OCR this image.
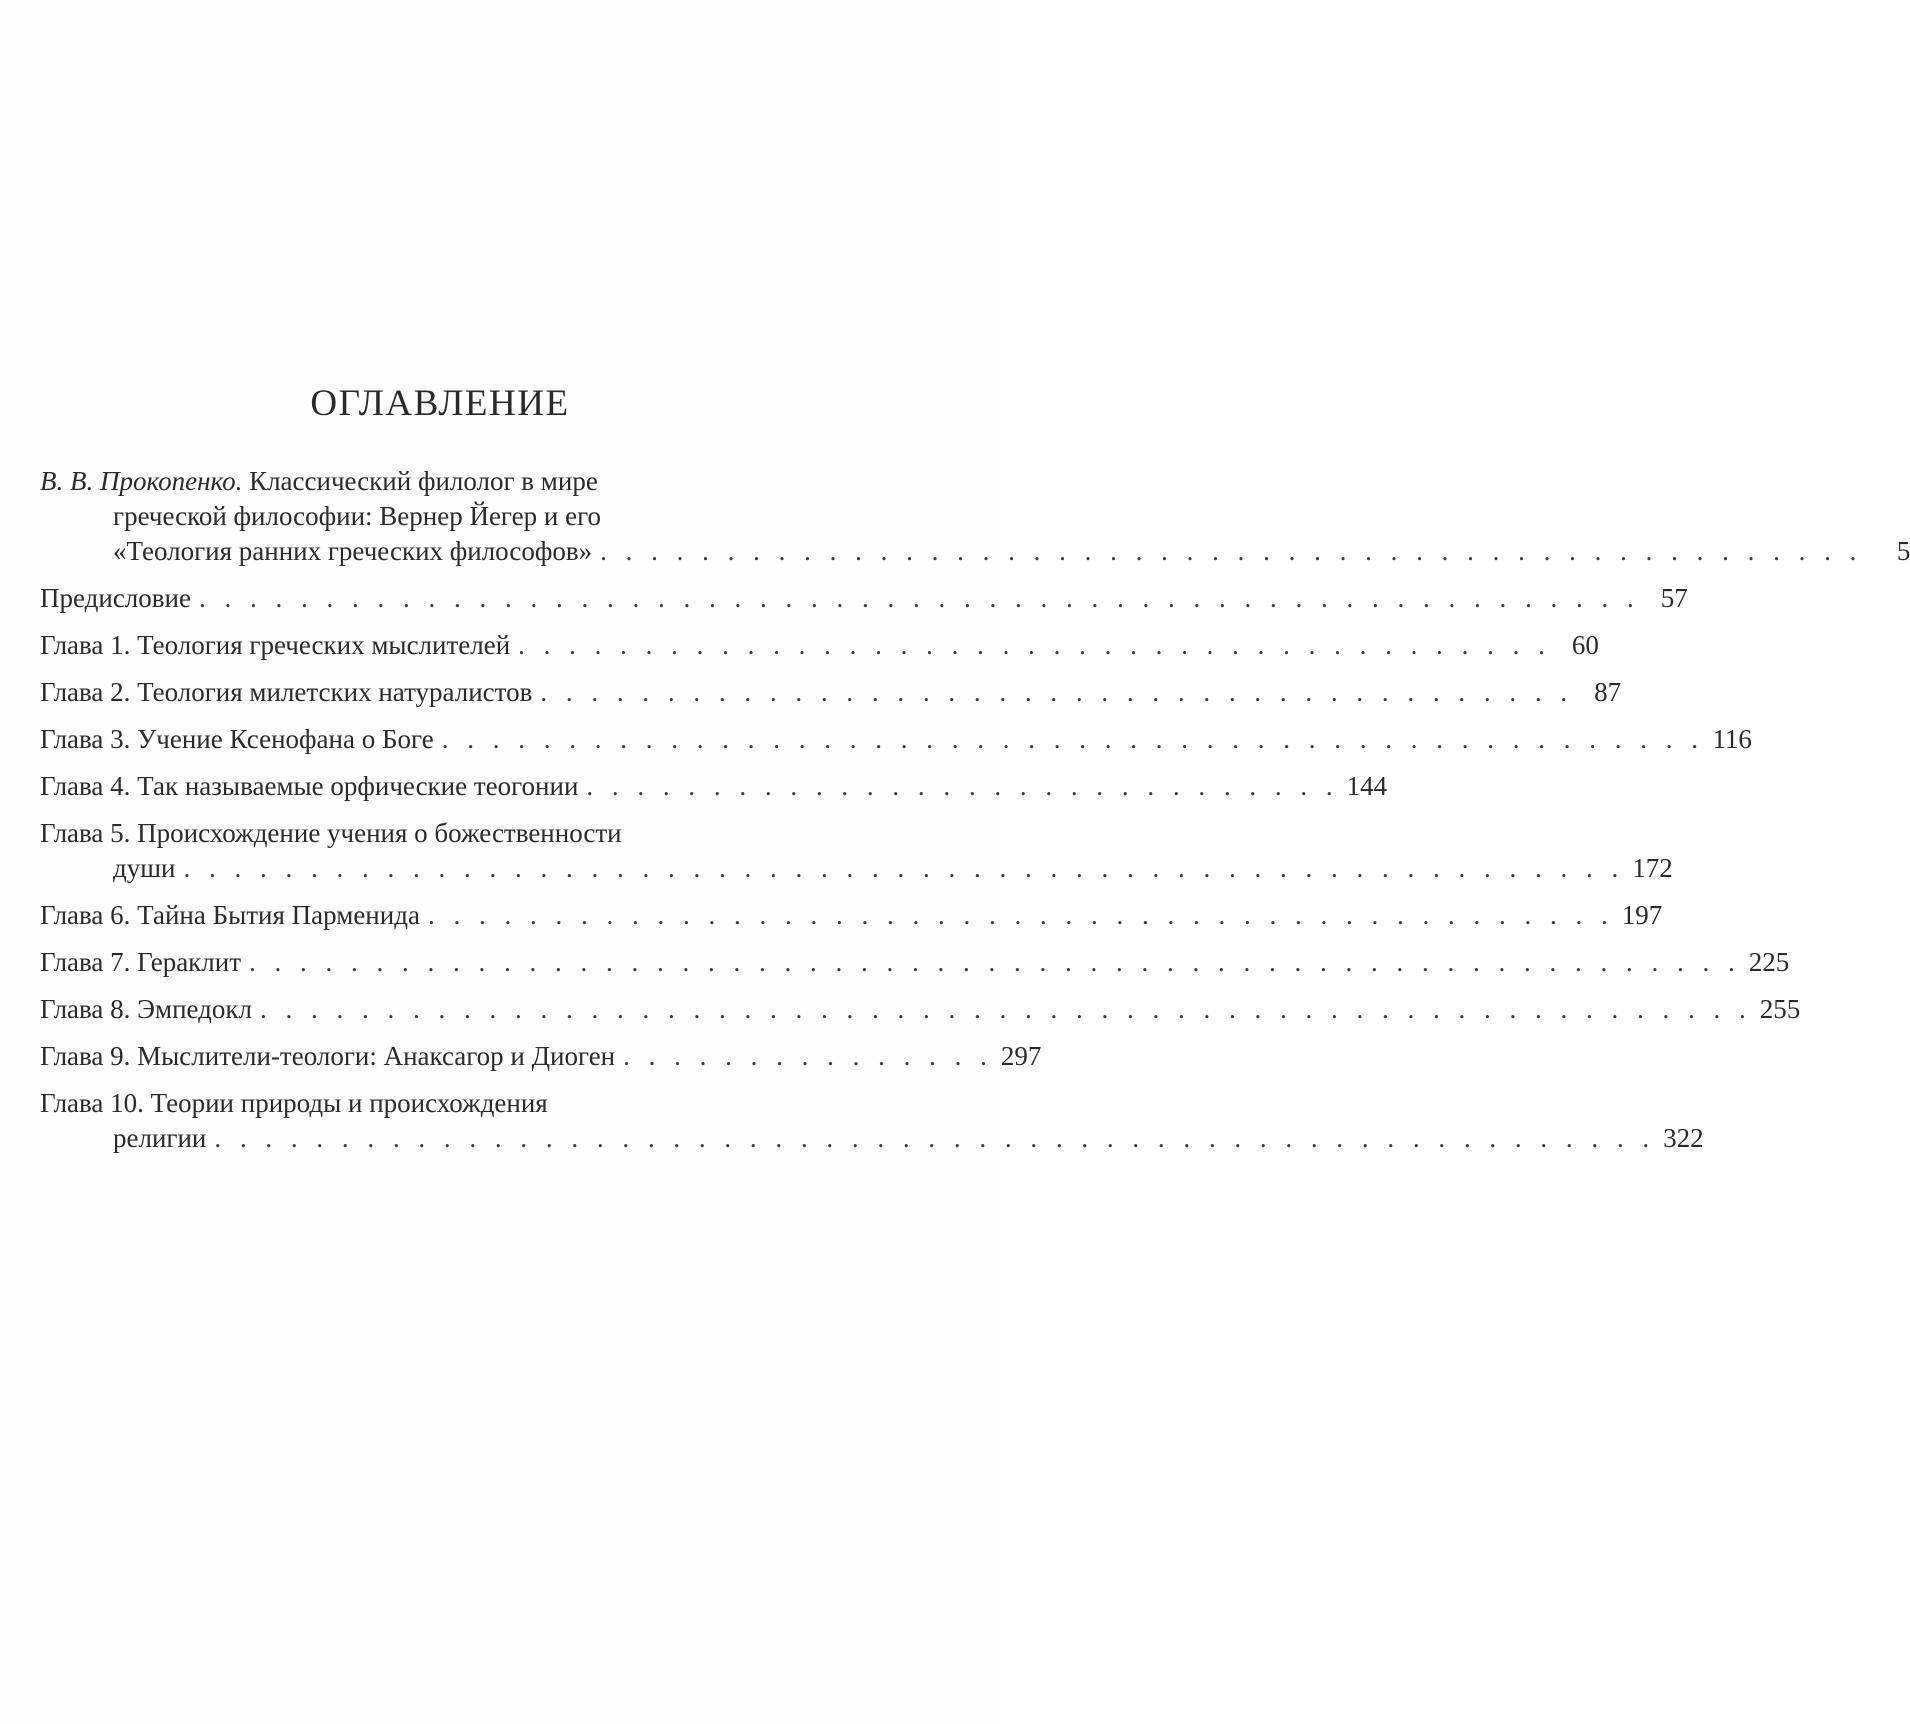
ОГЛАВЛЕНИЕ
В. В. Прокопенко. Классический филолог в мире
греческой философии: Вернер Йегер и его
«Теология ранних греческих философов» . . . . . . . . . . . . . . . . . . . . . . . . . . . . . . . . . . . . . . . . . . . . . . . . . .	5
Предисловие . . . . . . . . . . . . . . . . . . . . . . . . . . . . . . . . . . . . . . . . . . . . . . . . . . . . . . . . . 57
Глава 1. Теология греческих мыслителей . . . . . . . . . . . . . . . . . . . . . . . . . . . . . . . . . . . . . . . . . 60
Глава 2. Теология милетских натуралистов . . . . . . . . . . . . . . . . . . . . . . . . . . . . . . . . . . . . . . . . . 87
Глава 3. Учение Ксенофана о Боге . . . . . . . . . . . . . . . . . . . . . . . . . . . . . . . . . . . . . . . . . . . . . . . . . . 116
Глава 4. Так называемые орфические теогонии . . . . . . . . . . . . . . . . . . . . . . . . . . . . . . 144
Глава 5. Происхождение учения о божественности
души . . . . . . . . . . . . . . . . . . . . . . . . . . . . . . . . . . . . . . . . . . . . . . . . . . . . . . . . . 172
Глава 6. Тайна Бытия Парменида . . . . . . . . . . . . . . . . . . . . . . . . . . . . . . . . . . . . . . . . . . . . . . . 197
Глава 7. Гераклит . . . . . . . . . . . . . . . . . . . . . . . . . . . . . . . . . . . . . . . . . . . . . . . . . . . . . . . . . . . 225
Глава 8. Эмпедокл . . . . . . . . . . . . . . . . . . . . . . . . . . . . . . . . . . . . . . . . . . . . . . . . . . . . . . . . . . . 255
Глава 9. Мыслители-теологи: Анаксагор и Диоген . . . . . . . . . . . . . . . 297
Глава 10. Теории природы и происхождения
религии . . . . . . . . . . . . . . . . . . . . . . . . . . . . . . . . . . . . . . . . . . . . . . . . . . . . . . . . . 322
